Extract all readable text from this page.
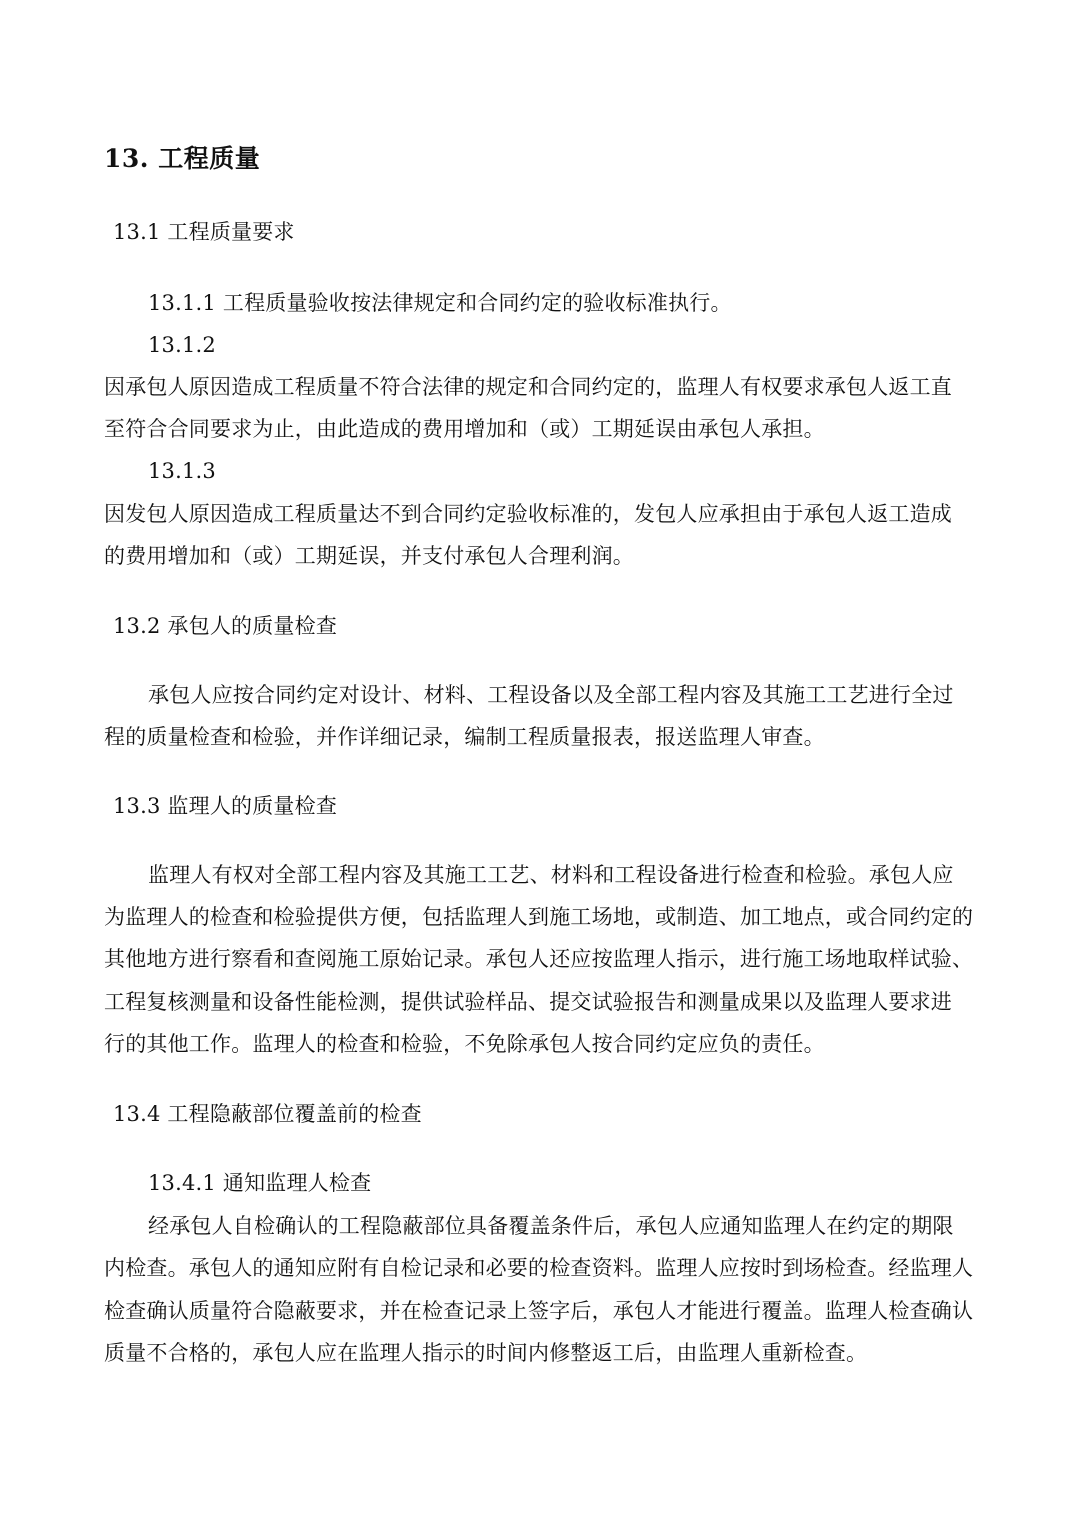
13. 工程质量

13.1 工程质量要求

13.1.1 工程质量验收按法律规定和合同约定的验收标准执行。

13.1.2

因承包人原因造成工程质量不符合法律的规定和合同约定的，监理人有权要求承包人返工直

至符合合同要求为止，由此造成的费用增加和（或）工期延误由承包人承担。

13.1.3

因发包人原因造成工程质量达不到合同约定验收标准的，发包人应承担由于承包人返工造成

的费用增加和（或）工期延误，并支付承包人合理利润。

13.2 承包人的质量检查

承包人应按合同约定对设计、材料、工程设备以及全部工程内容及其施工工艺进行全过

程的质量检查和检验，并作详细记录，编制工程质量报表，报送监理人审查。

13.3 监理人的质量检查

监理人有权对全部工程内容及其施工工艺、材料和工程设备进行检查和检验。承包人应

为监理人的检查和检验提供方便，包括监理人到施工场地，或制造、加工地点，或合同约定的

其他地方进行察看和查阅施工原始记录。承包人还应按监理人指示，进行施工场地取样试验、

工程复核测量和设备性能检测，提供试验样品、提交试验报告和测量成果以及监理人要求进

行的其他工作。监理人的检查和检验，不免除承包人按合同约定应负的责任。

13.4 工程隐蔽部位覆盖前的检查

13.4.1 通知监理人检查

经承包人自检确认的工程隐蔽部位具备覆盖条件后，承包人应通知监理人在约定的期限

内检查。承包人的通知应附有自检记录和必要的检查资料。监理人应按时到场检查。经监理人

检查确认质量符合隐蔽要求，并在检查记录上签字后，承包人才能进行覆盖。监理人检查确认

质量不合格的，承包人应在监理人指示的时间内修整返工后，由监理人重新检查。
